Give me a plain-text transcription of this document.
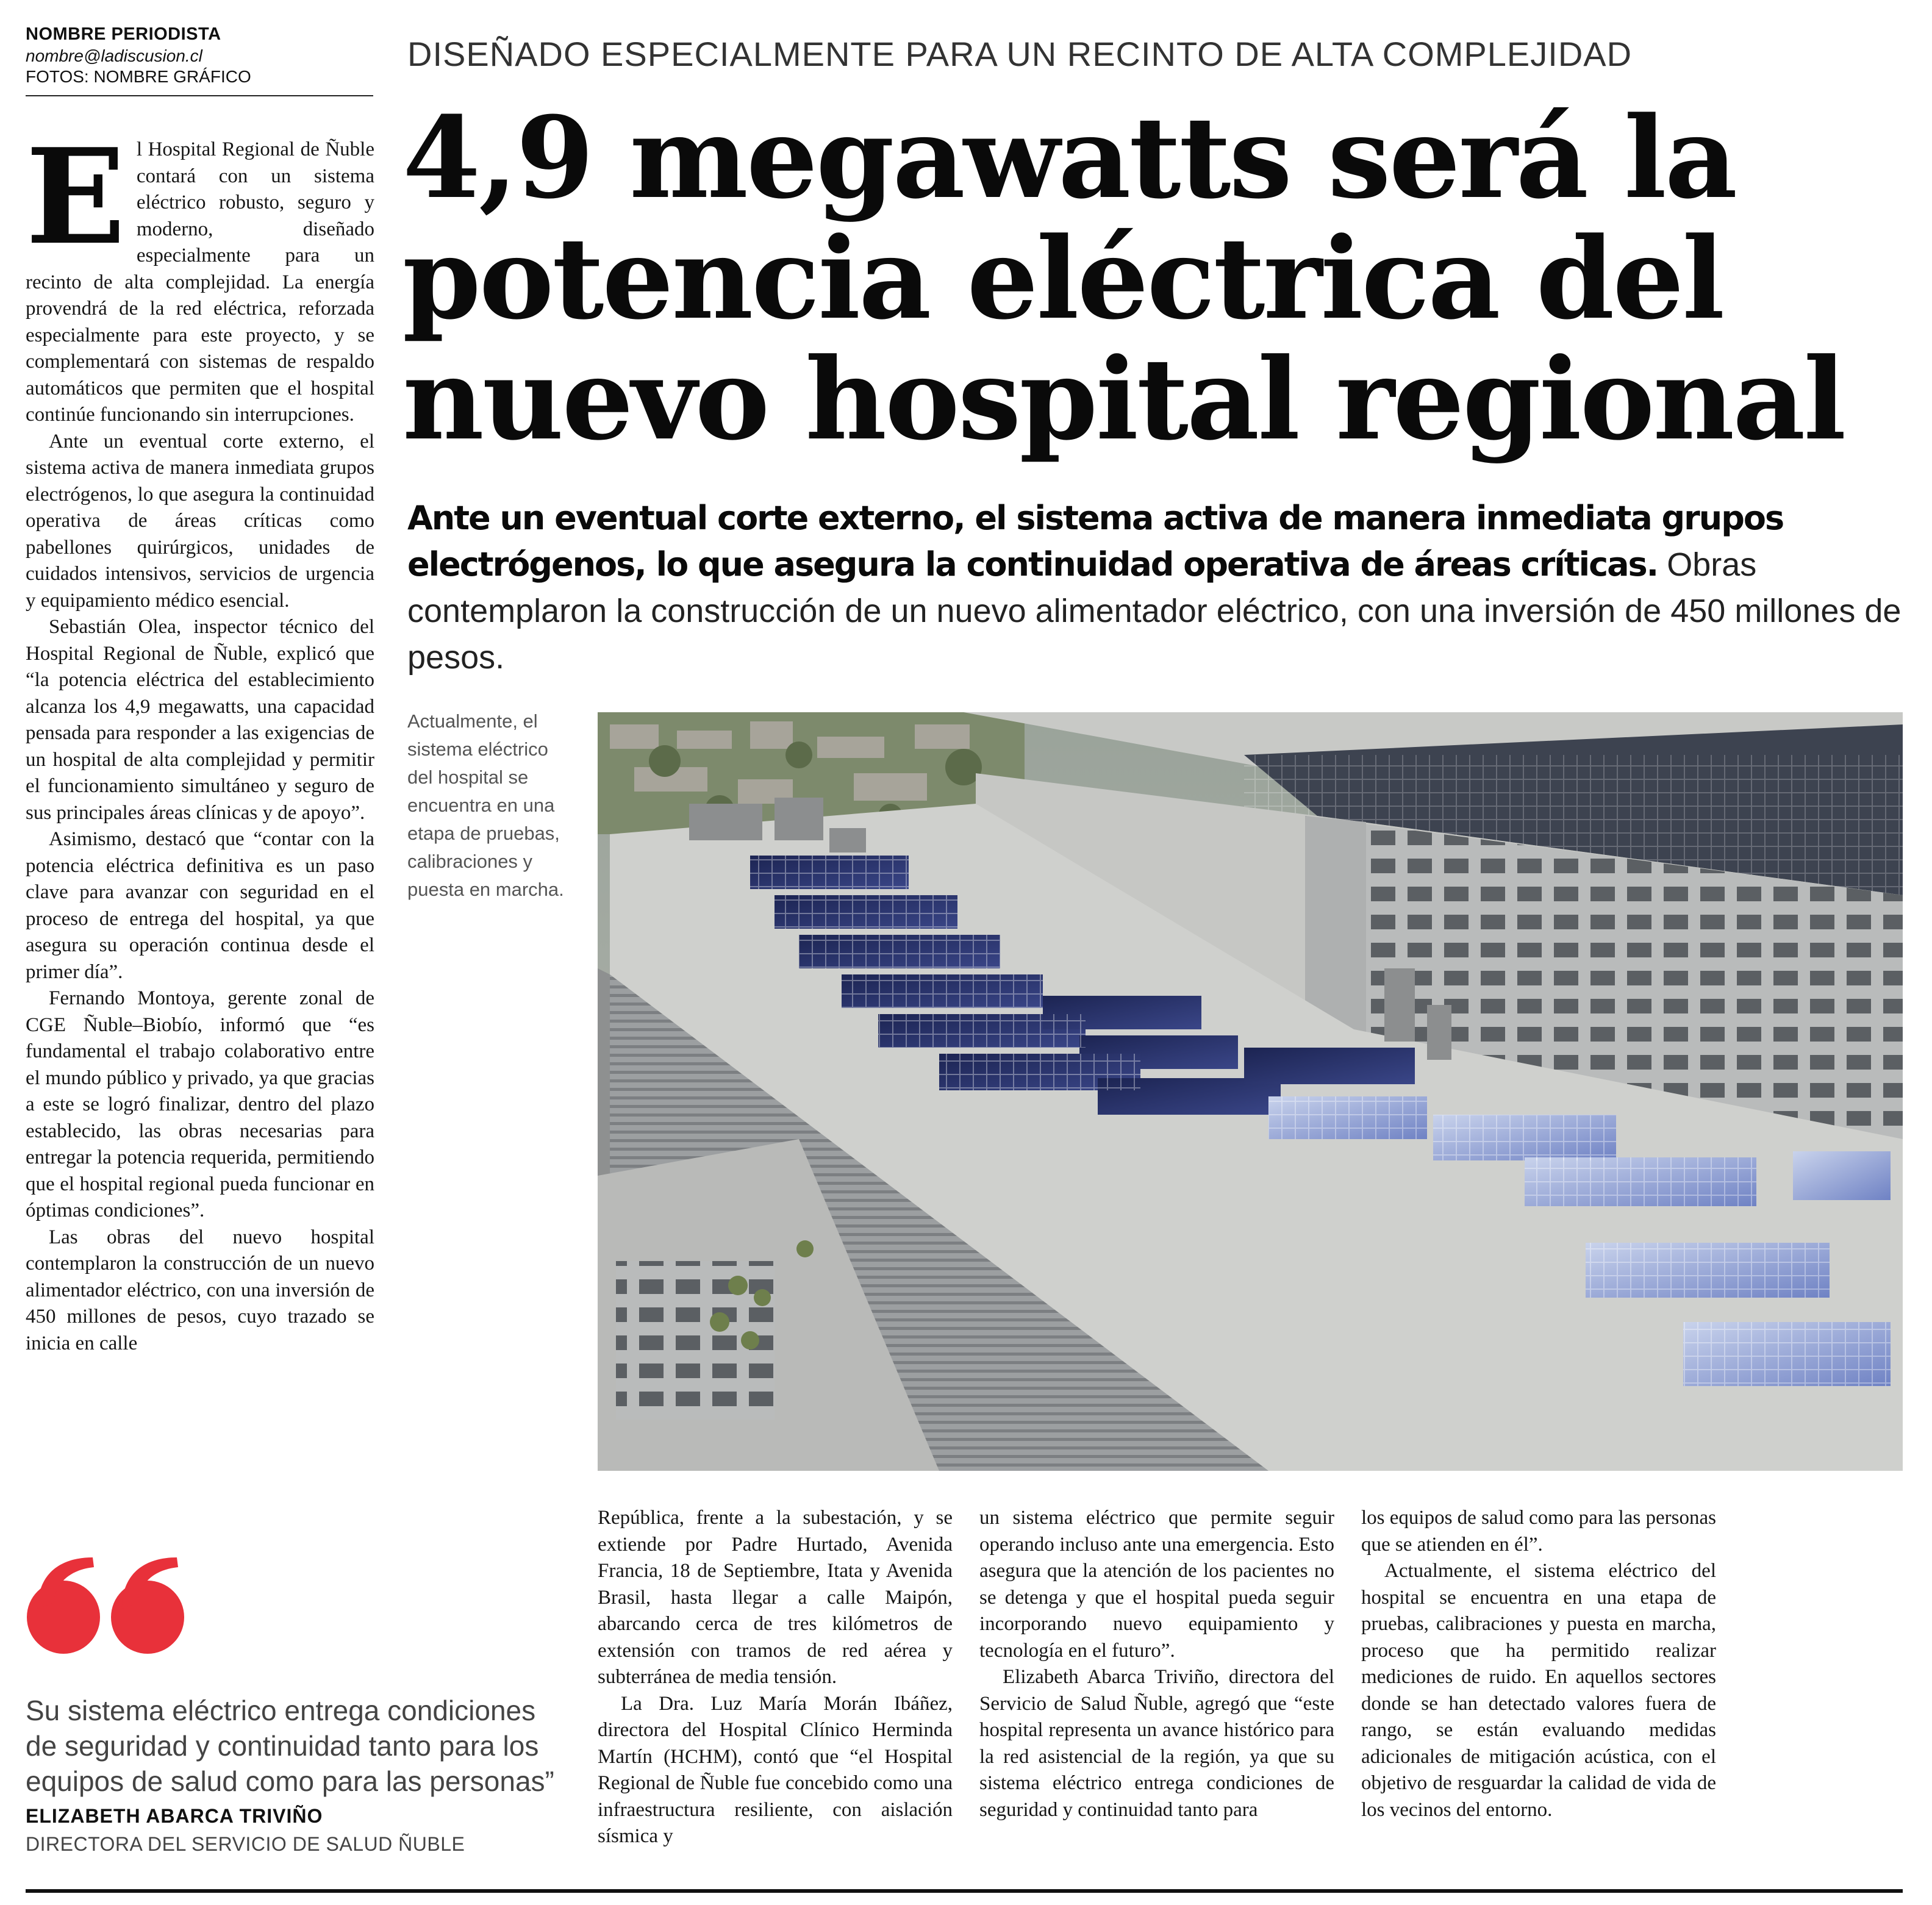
NOMBRE PERIODISTA
nombre@ladiscusion.cl
FOTOS: NOMBRE GRÁFICO
DISEÑADO ESPECIALMENTE PARA UN RECINTO DE ALTA COMPLEJIDAD
4,9 megawatts será la
potencia eléctrica del
nuevo hospital regional
Ante un eventual corte externo, el sistema activa de manera inmediata grupos electrógenos, lo que asegura la continuidad operativa de áreas críticas. Obras contemplaron la construcción de un nuevo alimentador eléctrico, con una inversión de 450 millones de pesos.
E l Hospital Regional de Ñuble contará con un sistema eléctrico robusto, seguro y moderno, diseñado especialmente para un recinto de alta complejidad. La energía provendrá de la red eléctrica, reforzada especialmente para este proyecto, y se complementará con sistemas de respaldo automáticos que permiten que el hospital continúe funcionando sin interrupciones.

Ante un eventual corte externo, el sistema activa de manera inmediata grupos electrógenos, lo que asegura la continuidad operativa de áreas críticas como pabellones quirúrgicos, unidades de cuidados intensivos, servicios de urgencia y equipamiento médico esencial.

Sebastián Olea, inspector técnico del Hospital Regional de Ñuble, explicó que “la potencia eléctrica del establecimiento alcanza los 4,9 megawatts, una capacidad pensada para responder a las exigencias de un hospital de alta complejidad y permitir el funcionamiento simultáneo y seguro de sus principales áreas clínicas y de apoyo”.

Asimismo, destacó que “contar con la potencia eléctrica definitiva es un paso clave para avanzar con seguridad en el proceso de entrega del hospital, ya que asegura su operación continua desde el primer día”.

Fernando Montoya, gerente zonal de CGE Ñuble–Biobío, informó que “es fundamental el trabajo colaborativo entre el mundo público y privado, ya que gracias a este se logró finalizar, dentro del plazo establecido, las obras necesarias para entregar la potencia requerida, permitiendo que el hospital regional pueda funcionar en óptimas condiciones”.

Las obras del nuevo hospital contemplaron la construcción de un nuevo alimentador eléctrico, con una inversión de 450 millones de pesos, cuyo trazado se inicia en calle

Actualmente, el sistema eléctrico del hospital se encuentra en una etapa de pruebas, calibraciones y puesta en marcha.

República, frente a la subestación, y se extiende por Padre Hurtado, Avenida Francia, 18 de Septiembre, Itata y Avenida Brasil, hasta llegar a calle Maipón, abarcando cerca de tres kilómetros de extensión con tramos de red aérea y subterránea de media tensión.

La Dra. Luz María Morán Ibáñez, directora del Hospital Clínico Herminda Martín (HCHM), contó que “el Hospital Regional de Ñuble fue concebido como una infraestructura resiliente, con aislación sísmica y

un sistema eléctrico que permite seguir operando incluso ante una emergencia. Esto asegura que la atención de los pacientes no se detenga y que el hospital pueda seguir incorporando nuevo equipamiento y tecnología en el futuro”.

Elizabeth Abarca Triviño, directora del Servicio de Salud Ñuble, agregó que “este hospital representa un avance histórico para la red asistencial de la región, ya que su sistema eléctrico entrega condiciones de seguridad y continuidad tanto para

los equipos de salud como para las personas que se atienden en él”.

Actualmente, el sistema eléctrico del hospital se encuentra en una etapa de pruebas, calibraciones y puesta en marcha, proceso que ha permitido realizar mediciones de ruido. En aquellos sectores donde se han detectado valores fuera de rango, se están evaluando medidas adicionales de mitigación acústica, con el objetivo de resguardar la calidad de vida de los vecinos del entorno.

Su sistema eléctrico entrega condiciones de seguridad y continuidad tanto para los equipos de salud como para las personas”
ELIZABETH ABARCA TRIVIÑO
DIRECTORA DEL SERVICIO DE SALUD ÑUBLE
